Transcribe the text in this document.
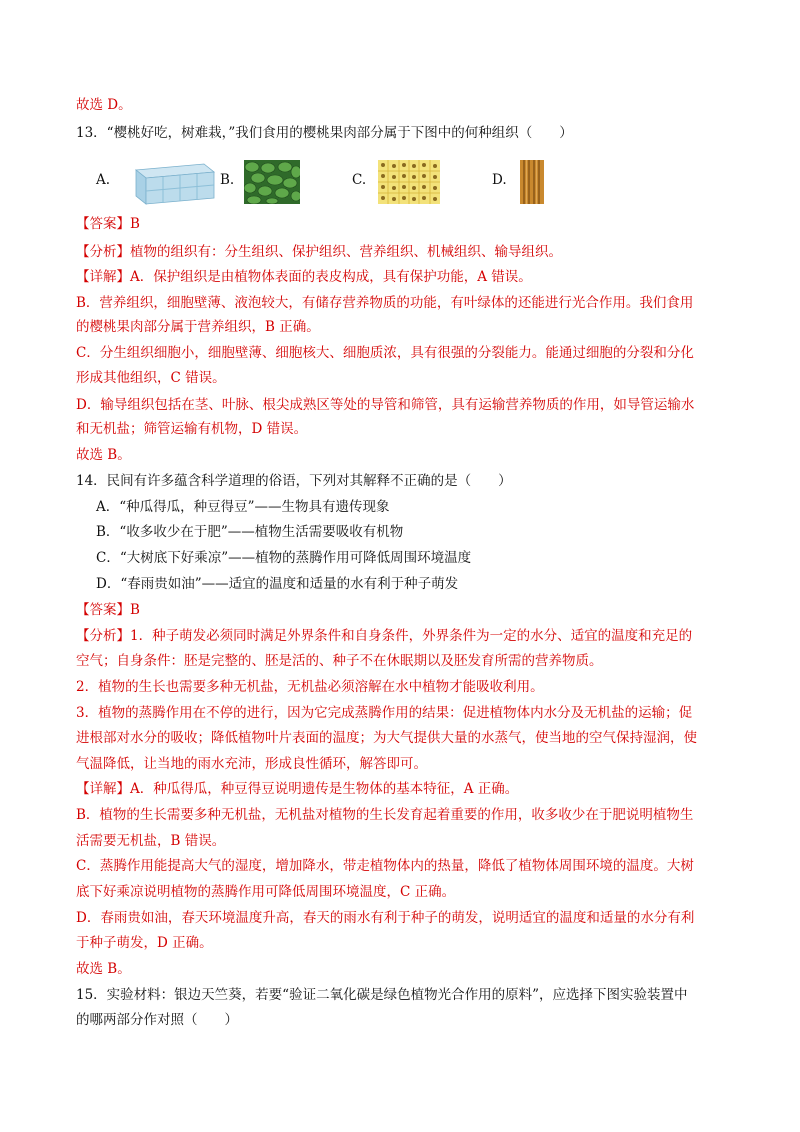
故选 D。
13．“樱桃好吃，树难栽，”我们食用的樱桃果肉部分属于下图中的何种组织（　　）
A.	B.	C.	D.
【答案】B
【分析】植物的组织有：分生组织、保护组织、营养组织、机械组织、输导组织。
【详解】A．保护组织是由植物体表面的表皮构成，具有保护功能，A 错误。
B．营养组织，细胞壁薄、液泡较大，有储存营养物质的功能，有叶绿体的还能进行光合作用。我们食用
的樱桃果肉部分属于营养组织，B 正确。
C．分生组织细胞小，细胞壁薄、细胞核大、细胞质浓，具有很强的分裂能力。能通过细胞的分裂和分化
形成其他组织，C 错误。
D．输导组织包括在茎、叶脉、根尖成熟区等处的导管和筛管，具有运输营养物质的作用，如导管运输水
和无机盐；筛管运输有机物，D 错误。
故选 B。
14．民间有许多蕴含科学道理的俗语，下列对其解释不正确的是（　　）
A．“种瓜得瓜，种豆得豆”——生物具有遗传现象
B．“收多收少在于肥”——植物生活需要吸收有机物
C．“大树底下好乘凉”——植物的蒸腾作用可降低周围环境温度
D．“春雨贵如油”——适宜的温度和适量的水有利于种子萌发
【答案】B
【分析】1．种子萌发必须同时满足外界条件和自身条件，外界条件为一定的水分、适宜的温度和充足的
空气；自身条件：胚是完整的、胚是活的、种子不在休眠期以及胚发育所需的营养物质。
2．植物的生长也需要多种无机盐，无机盐必须溶解在水中植物才能吸收利用。
3．植物的蒸腾作用在不停的进行，因为它完成蒸腾作用的结果：促进植物体内水分及无机盐的运输；促
进根部对水分的吸收；降低植物叶片表面的温度；为大气提供大量的水蒸气，使当地的空气保持湿润，使
气温降低，让当地的雨水充沛，形成良性循环，解答即可。
【详解】A．种瓜得瓜，种豆得豆说明遗传是生物体的基本特征，A 正确。
B．植物的生长需要多种无机盐，无机盐对植物的生长发育起着重要的作用，收多收少在于肥说明植物生
活需要无机盐，B 错误。
C．蒸腾作用能提高大气的湿度，增加降水，带走植物体内的热量，降低了植物体周围环境的温度。大树
底下好乘凉说明植物的蒸腾作用可降低周围环境温度，C 正确。
D．春雨贵如油，春天环境温度升高，春天的雨水有利于种子的萌发，说明适宜的温度和适量的水分有利
于种子萌发，D 正确。
故选 B。
15．实验材料：银边天竺葵，若要“验证二氧化碳是绿色植物光合作用的原料”，应选择下图实验装置中
的哪两部分作对照（　　）
